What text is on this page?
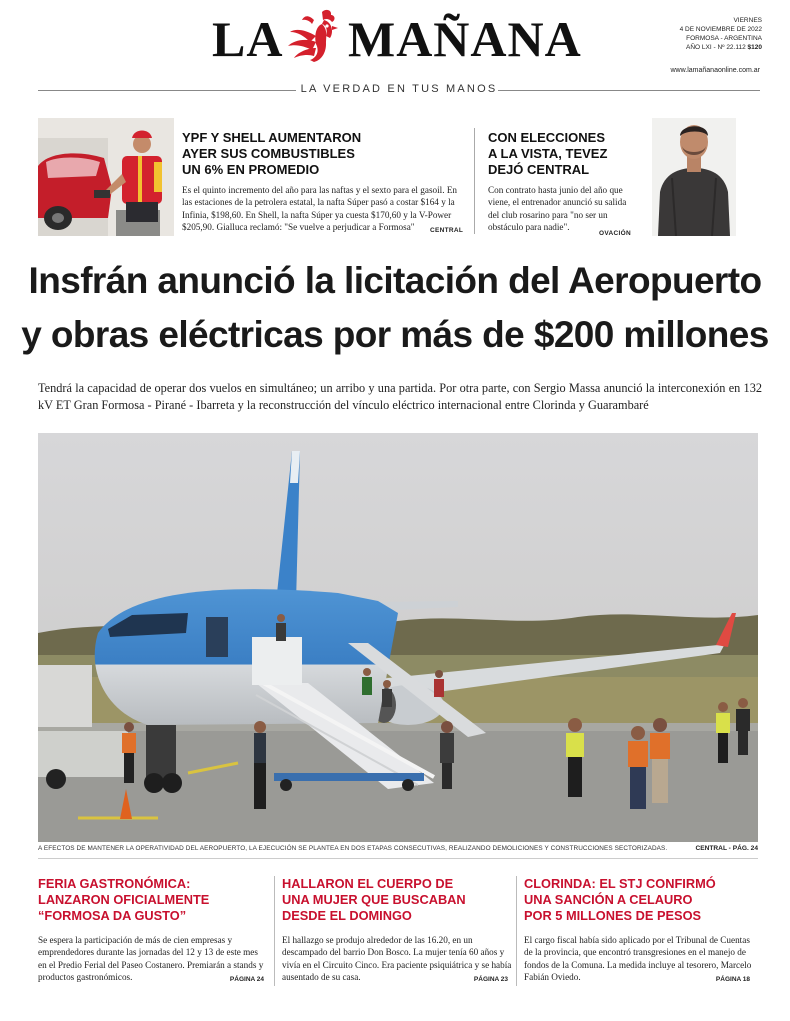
LA MAÑANA	VIERNES
4 DE NOVIEMBRE DE 2022
FORMOSA - ARGENTINA
AÑO LXI - Nº 22.112 $120
www.lamañanaonline.com.ar
LA VERDAD EN TUS MANOS
YPF Y SHELL AUMENTARON
AYER SUS COMBUSTIBLES
UN 6% EN PROMEDIO
Es el quinto incremento del año para las naftas y el sexto para el gasoil. En las estaciones de la petrolera estatal, la nafta Súper pasó a costar $164 y la Infinia, $198,60. En Shell, la nafta Súper ya cuesta $170,60 y la V-Power $205,90. Gialluca reclamó: "Se vuelve a perjudicar a Formosa"	CENTRAL
CON ELECCIONES
A LA VISTA, TEVEZ
DEJÓ CENTRAL
Con contrato hasta junio del año que viene, el entrenador anunció su salida del club rosarino para "no ser un obstáculo para nadie".
OVACIÓN
Insfrán anunció la licitación del Aeropuerto
y obras eléctricas por más de $200 millones
Tendrá la capacidad de operar dos vuelos en simultáneo; un arribo y una partida. Por otra parte, con Sergio Massa anunció la interconexión en 132 kV ET Gran Formosa - Pirané - Ibarreta y la reconstrucción del vínculo eléctrico internacional entre Clorinda y Guarambaré
A EFECTOS DE MANTENER LA OPERATIVIDAD DEL AEROPUERTO, LA EJECUCIÓN SE PLANTEA EN DOS ETAPAS CONSECUTIVAS, REALIZANDO DEMOLICIONES Y CONSTRUCCIONES SECTORIZADAS.	CENTRAL - PÁG. 24
FERIA GASTRONÓMICA:
LANZARON OFICIALMENTE
“FORMOSA DA GUSTO”
Se espera la participación de más de cien empresas y emprendedores durante las jornadas del 12 y 13 de este mes en el Predio Ferial del Paseo Costanero. Premiarán a stands y productos gastronómicos.	PÁGINA 24
HALLARON EL CUERPO DE
UNA MUJER QUE BUSCABAN
DESDE EL DOMINGO
El hallazgo se produjo alrededor de las 16.20, en un descampado del barrio Don Bosco. La mujer tenía 60 años y vivía en el Circuito Cinco. Era paciente psiquiátrica y se había ausentado de su casa.	PÁGINA 23
CLORINDA: EL STJ CONFIRMÓ
UNA SANCIÓN A CELAURO
POR 5 MILLONES DE PESOS
El cargo fiscal había sido aplicado por el Tribunal de Cuentas de la provincia, que encontró transgresiones en el manejo de fondos de la Comuna. La medida incluye al tesorero, Marcelo Fabián Oviedo.	PÁGINA 18
